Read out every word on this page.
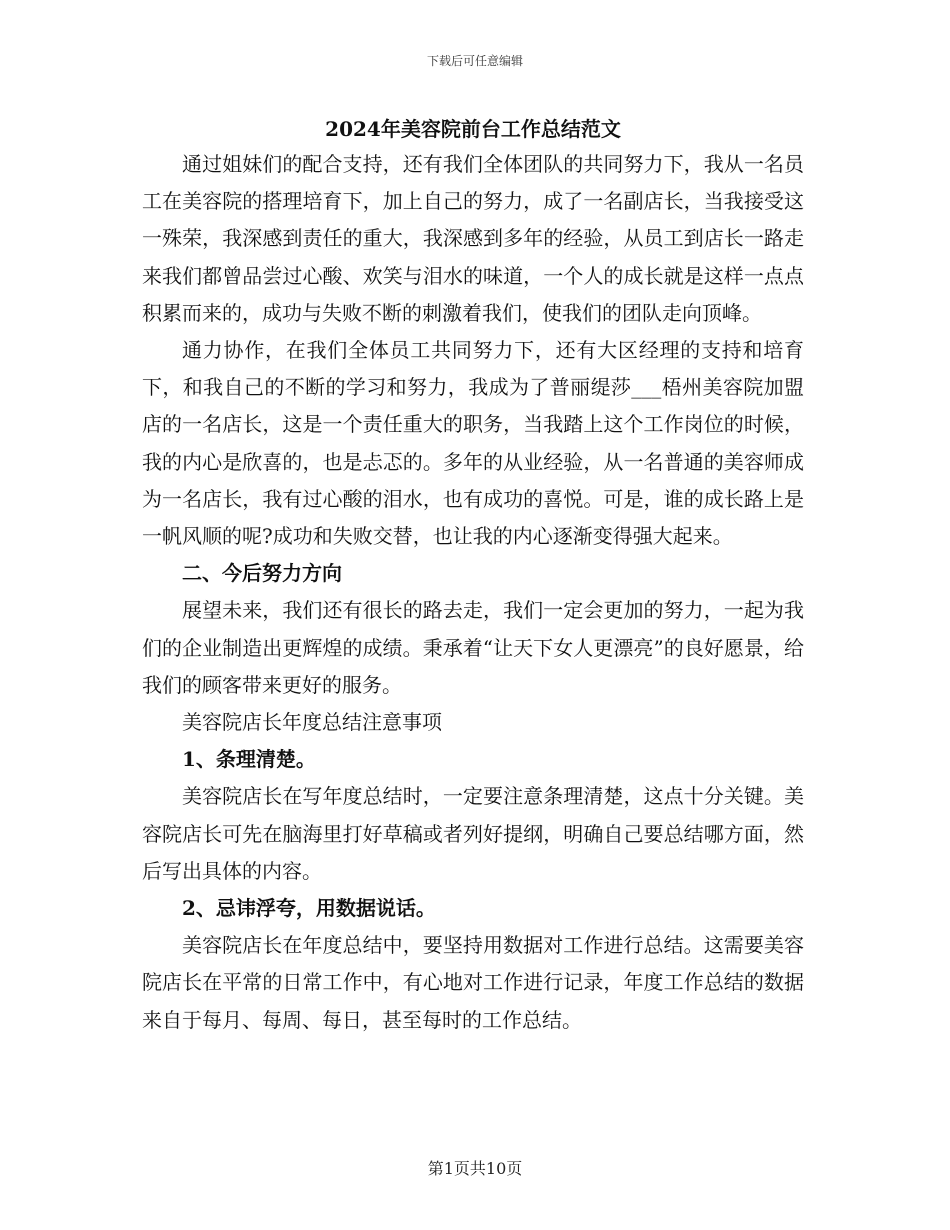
下载后可任意编辑
2024年美容院前台工作总结范文

通过姐妹们的配合支持，还有我们全体团队的共同努力下，我从一名员工在美容院的搭理培育下，加上自己的努力，成了一名副店长，当我接受这一殊荣，我深感到责任的重大，我深感到多年的经验，从员工到店长一路走来我们都曾品尝过心酸、欢笑与泪水的味道，一个人的成长就是这样一点点积累而来的，成功与失败不断的刺激着我们，使我们的团队走向顶峰。

通力协作，在我们全体员工共同努力下，还有大区经理的支持和培育下，和我自己的不断的学习和努力，我成为了普丽缇莎___梧州美容院加盟店的一名店长，这是一个责任重大的职务，当我踏上这个工作岗位的时候，我的内心是欣喜的，也是忐忑的。多年的从业经验，从一名普通的美容师成为一名店长，我有过心酸的泪水，也有成功的喜悦。可是，谁的成长路上是一帆风顺的呢?成功和失败交替，也让我的内心逐渐变得强大起来。

二、今后努力方向

展望未来，我们还有很长的路去走，我们一定会更加的努力，一起为我们的企业制造出更辉煌的成绩。秉承着“让天下女人更漂亮”的良好愿景，给我们的顾客带来更好的服务。

美容院店长年度总结注意事项

1、条理清楚。

美容院店长在写年度总结时，一定要注意条理清楚，这点十分关键。美容院店长可先在脑海里打好草稿或者列好提纲，明确自己要总结哪方面，然后写出具体的内容。

2、忌讳浮夸，用数据说话。

美容院店长在年度总结中，要坚持用数据对工作进行总结。这需要美容院店长在平常的日常工作中，有心地对工作进行记录，年度工作总结的数据来自于每月、每周、每日，甚至每时的工作总结。

第1页共10页
